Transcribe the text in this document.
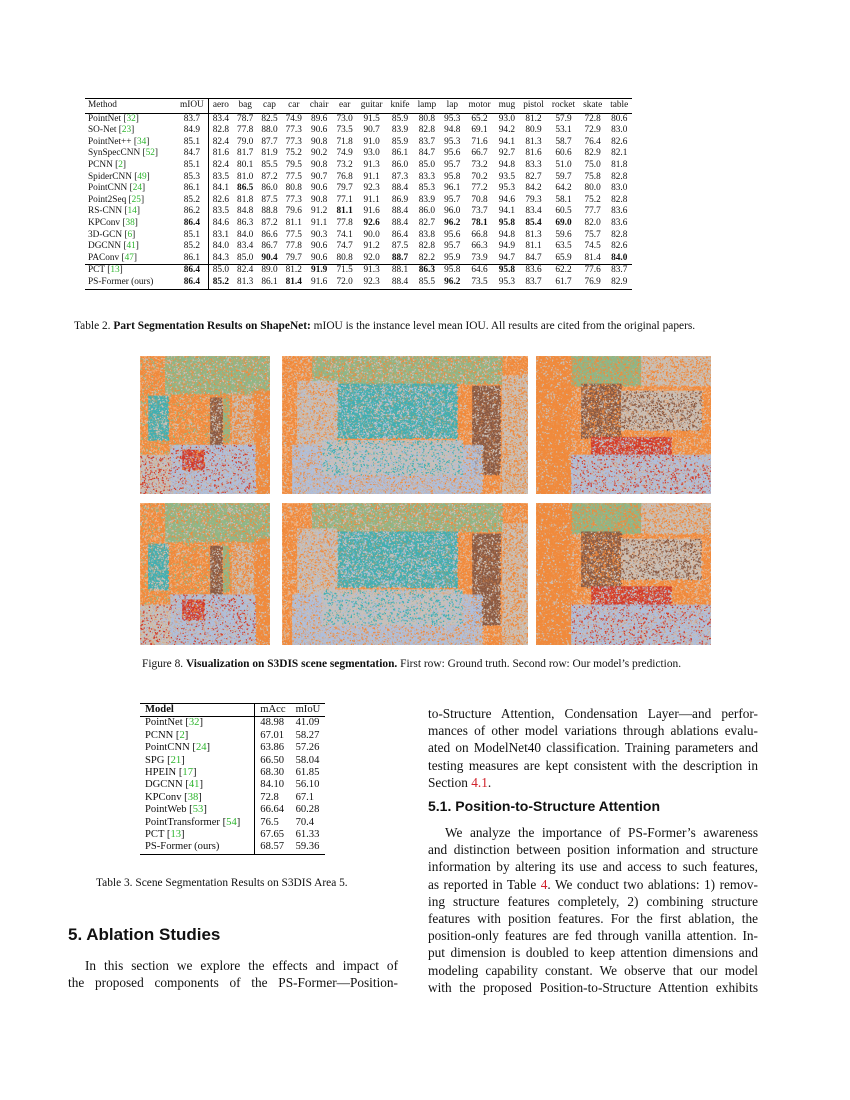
Method	mIOU	aero	bag	cap	car	chair	ear	guitar	knife	lamp	lap	motor	mug	pistol	rocket	skate	table
PointNet [32]	83.7	83.4	78.7	82.5	74.9	89.6	73.0	91.5	85.9	80.8	95.3	65.2	93.0	81.2	57.9	72.8	80.6
SO-Net [23]	84.9	82.8	77.8	88.0	77.3	90.6	73.5	90.7	83.9	82.8	94.8	69.1	94.2	80.9	53.1	72.9	83.0
PointNet++ [34]	85.1	82.4	79.0	87.7	77.3	90.8	71.8	91.0	85.9	83.7	95.3	71.6	94.1	81.3	58.7	76.4	82.6
SynSpecCNN [52]	84.7	81.6	81.7	81.9	75.2	90.2	74.9	93.0	86.1	84.7	95.6	66.7	92.7	81.6	60.6	82.9	82.1
PCNN [2]	85.1	82.4	80.1	85.5	79.5	90.8	73.2	91.3	86.0	85.0	95.7	73.2	94.8	83.3	51.0	75.0	81.8
SpiderCNN [49]	85.3	83.5	81.0	87.2	77.5	90.7	76.8	91.1	87.3	83.3	95.8	70.2	93.5	82.7	59.7	75.8	82.8
PointCNN [24]	86.1	84.1	86.5	86.0	80.8	90.6	79.7	92.3	88.4	85.3	96.1	77.2	95.3	84.2	64.2	80.0	83.0
Point2Seq [25]	85.2	82.6	81.8	87.5	77.3	90.8	77.1	91.1	86.9	83.9	95.7	70.8	94.6	79.3	58.1	75.2	82.8
RS-CNN [14]	86.2	83.5	84.8	88.8	79.6	91.2	81.1	91.6	88.4	86.0	96.0	73.7	94.1	83.4	60.5	77.7	83.6
KPConv [38]	86.4	84.6	86.3	87.2	81.1	91.1	77.8	92.6	88.4	82.7	96.2	78.1	95.8	85.4	69.0	82.0	83.6
3D-GCN [6]	85.1	83.1	84.0	86.6	77.5	90.3	74.1	90.0	86.4	83.8	95.6	66.8	94.8	81.3	59.6	75.7	82.8
DGCNN [41]	85.2	84.0	83.4	86.7	77.8	90.6	74.7	91.2	87.5	82.8	95.7	66.3	94.9	81.1	63.5	74.5	82.6
PAConv [47]	86.1	84.3	85.0	90.4	79.7	90.6	80.8	92.0	88.7	82.2	95.9	73.9	94.7	84.7	65.9	81.4	84.0
PCT [13]	86.4	85.0	82.4	89.0	81.2	91.9	71.5	91.3	88.1	86.3	95.8	64.6	95.8	83.6	62.2	77.6	83.7
PS-Former (ours)	86.4	85.2	81.3	86.1	81.4	91.6	72.0	92.3	88.4	85.5	96.2	73.5	95.3	83.7	61.7	76.9	82.9
Table 2. Part Segmentation Results on ShapeNet: mIOU is the instance level mean IOU. All results are cited from the original papers.
Figure 8. Visualization on S3DIS scene segmentation. First row: Ground truth. Second row: Our model’s prediction.
Model	mAcc	mIoU
PointNet [32]	48.98	41.09
PCNN [2]	67.01	58.27
PointCNN [24]	63.86	57.26
SPG [21]	66.50	58.04
HPEIN [17]	68.30	61.85
DGCNN [41]	84.10	56.10
KPConv [38]	72.8	67.1
PointWeb [53]	66.64	60.28
PointTransformer [54]	76.5	70.4
PCT [13]	67.65	61.33
PS-Former (ours)	68.57	59.36
Table 3. Scene Segmentation Results on S3DIS Area 5.
5. Ablation Studies
In this section we explore the effects and impact of
the proposed components of the PS-Former—Position-
to-Structure Attention, Condensation Layer—and perfor-
mances of other model variations through ablations evalu-
ated on ModelNet40 classification. Training parameters and
testing measures are kept consistent with the description in
Section 4.1.
5.1. Position-to-Structure Attention
We analyze the importance of PS-Former’s awareness
and distinction between position information and structure
information by altering its use and access to such features,
as reported in Table 4. We conduct two ablations: 1) remov-
ing structure features completely, 2) combining structure
features with position features. For the first ablation, the
position-only features are fed through vanilla attention. In-
put dimension is doubled to keep attention dimensions and
modeling capability constant. We observe that our model
with the proposed Position-to-Structure Attention exhibits
